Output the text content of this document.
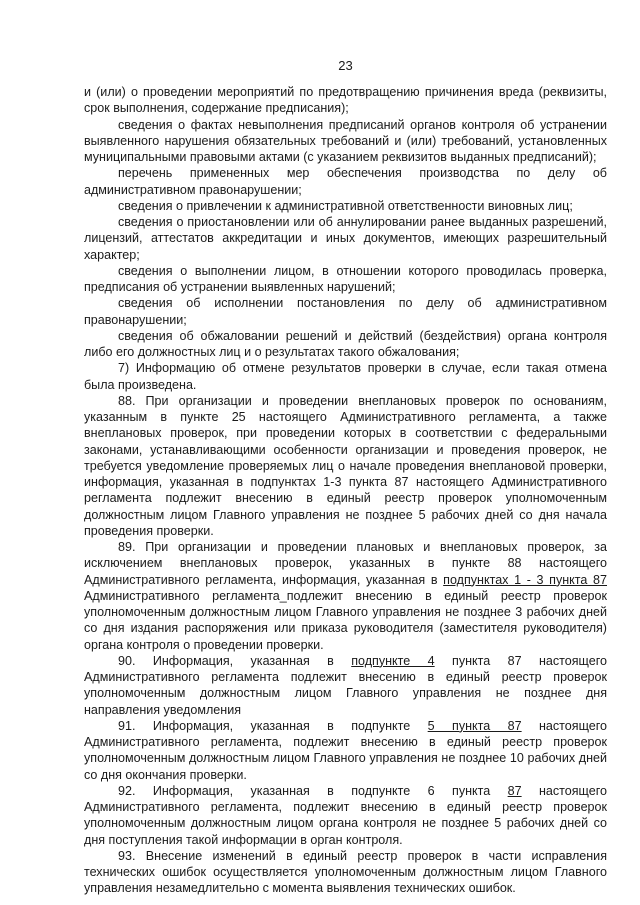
23

и (или) о проведении мероприятий по предотвращению причинения вреда (реквизиты, срок выполнения, содержание предписания);

сведения о фактах невыполнения предписаний органов контроля об устранении выявленного нарушения обязательных требований и (или) требований, установленных муниципальными правовыми актами (с указанием реквизитов выданных предписаний);

перечень примененных мер обеспечения производства по делу об административном правонарушении;

сведения о привлечении к административной ответственности виновных лиц;

сведения о приостановлении или об аннулировании ранее выданных разрешений, лицензий, аттестатов аккредитации и иных документов, имеющих разрешительный характер;

сведения о выполнении лицом, в отношении которого проводилась проверка, предписания об устранении выявленных нарушений;

сведения об исполнении постановления по делу об административном правонарушении;

сведения об обжаловании решений и действий (бездействия) органа контроля либо его должностных лиц и о результатах такого обжалования;

7) Информацию об отмене результатов проверки в случае, если такая отмена была произведена.

88. При организации и проведении внеплановых проверок по основаниям, указанным в пункте 25 настоящего Административного регламента, а также внеплановых проверок, при проведении которых в соответствии с федеральными законами, устанавливающими особенности организации и проведения проверок, не требуется уведомление проверяемых лиц о начале проведения внеплановой проверки, информация, указанная в подпунктах 1-3 пункта 87 настоящего Административного регламента подлежит внесению в единый реестр проверок уполномоченным должностным лицом Главного управления не позднее 5 рабочих дней со дня начала проведения проверки.

89. При организации и проведении плановых и внеплановых проверок, за исключением внеплановых проверок, указанных в пункте 88 настоящего Административного регламента, информация, указанная в подпунктах 1 - 3 пункта 87 Административного регламента_подлежит внесению в единый реестр проверок уполномоченным должностным лицом Главного управления не позднее 3 рабочих дней со дня издания распоряжения или приказа руководителя (заместителя руководителя) органа контроля о проведении проверки.

90. Информация, указанная в подпункте 4 пункта 87 настоящего Административного регламента подлежит внесению в единый реестр проверок уполномоченным должностным лицом Главного управления не позднее дня направления уведомления

91. Информация, указанная в подпункте 5 пункта 87 настоящего Административного регламента, подлежит внесению в единый реестр проверок уполномоченным должностным лицом Главного управления не позднее 10 рабочих дней со дня окончания проверки.

92. Информация, указанная в подпункте 6 пункта 87 настоящего Административного регламента, подлежит внесению в единый реестр проверок уполномоченным должностным лицом органа контроля не позднее 5 рабочих дней со дня поступления такой информации в орган контроля.

93. Внесение изменений в единый реестр проверок в части исправления технических ошибок осуществляется уполномоченным должностным лицом Главного управления незамедлительно с момента выявления технических ошибок.
